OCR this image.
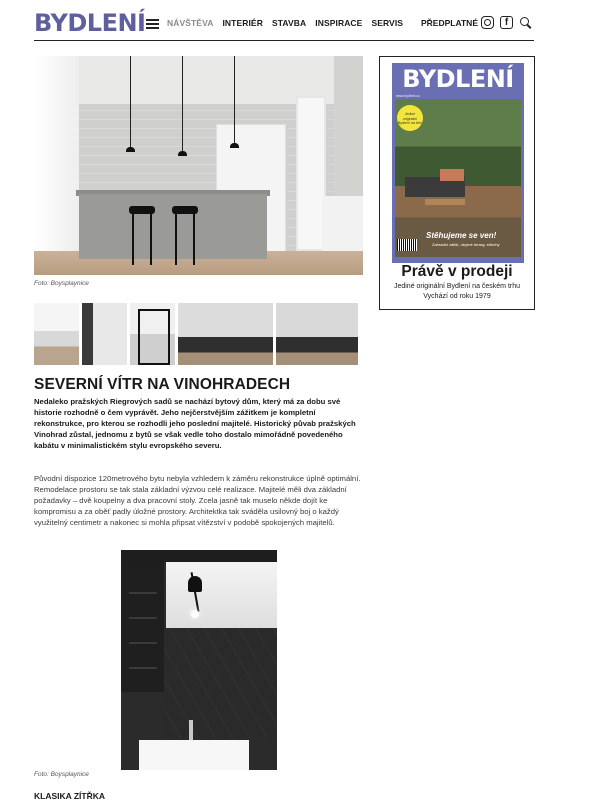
BYDLENÍ	NÁVŠTĚVA INTERIÉR STAVBA INSPIRACE SERVIS PŘEDPLATNÉ	f
Foto: Boysplaynice
SEVERNÍ VÍTR NA VINOHRADECH

Nedaleko pražských Riegrových sadů se nachází bytový dům, který má za dobu své historie rozhodně o čem vyprávět. Jeho nejčerstvějším zážitkem je kompletní rekonstrukce, pro kterou se rozhodli jeho poslední majitelé. Historický půvab pražských Vinohrad zůstal, jednomu z bytů se však vedle toho dostalo mimořádně povedeného kabátu v minimalistickém stylu evropského severu.

Původní dispozice 120metrového bytu nebyla vzhledem k záměru rekonstrukce úplně optimální. Remodelace prostoru se tak stala základní výzvou celé realizace. Majitelé měli dva základní požadavky – dvě koupelny a dva pracovní stoly. Zcela jasně tak muselo někde dojít ke kompromisu a za oběť padly úložné prostory. Architektka tak sváděla usilovný boj o každý využitelný centimetr a nakonec si mohla připsat vítězství v podobě spokojených majitelů.

Foto: Boysplaynice
KLASIKA ZÍTŘKA
BYDLENÍ
www.bydleni.cz
Jediné originální Bydlení na trhu
Stěhujeme se ven!
Zahradní zátiší, obytné terasy, střechy
Právě v prodeji
Jediné originální Bydlení na českém trhu
Vychází od roku 1979
